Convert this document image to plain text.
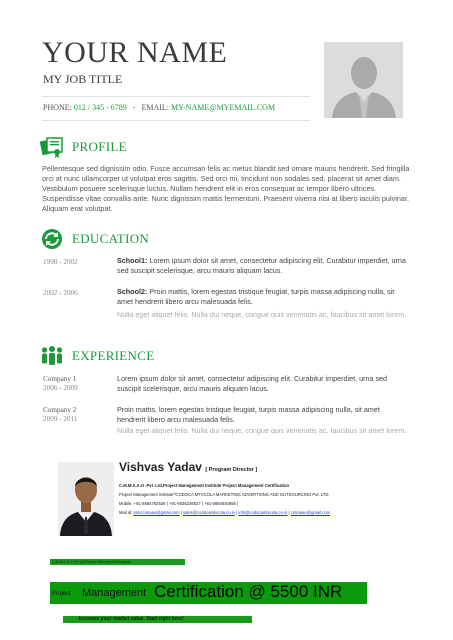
YOUR NAME
MY JOB TITLE
PHONE: 012 / 345 - 6789 - EMAIL: MY-NAME@MYEMAIL.COM
PROFILE
Pellentesque sed dignissim odio. Fusce accumsan felis ac metus blandit sed ornare mauris hendrerit. Sed fringilla orci at nunc ullamcorper ut volutpat eros sagittis. Sed orci mi, tincidunt non sodales sed, placerat sit amet diam. Vestibulum posuere scelerisque luctus. Nullam hendrerit elit in eros consequat ac tempor libero ultrices. Suspendisse vitae convallis ante. Nunc dignissim mattis fermentum. Praesent viverra nisi at libero iaculis pulvinar. Aliquam erat volutpat.
EDUCATION
1998 - 2002	School1: Lorem ipsum dolor sit amet, consectetur adipiscing elit. Curabitur imperdiet, urna sed suscipit scelerisque, arcu mauris aliquam lacus.
2002 - 2006	School2: Proin mattis, lorem egestas tristique feugiat, turpis massa adipiscing nulla, sit amet hendrerit libero arcu malesuada felis.
Nulla eget aliquet felis. Nulla dui neque, congue quis venenatis ac, faucibus sit amet lorem.
EXPERIENCE
Company 1
2006 - 2009
Lorem ipsum dolor sit amet, consectetur adipiscing elit. Curabitur imperdiet, urna sed suscipit scelerisque, arcu mauris aliquam lacus.
Company 2
2009 - 2011
Proin mattis, lorem egestas tristique feugiat, turpis massa adipiscing nulla, sit amet hendrerit libero arcu malesuada felis.
Nulla eget aliquet felis. Nulla dui neque, congue quis venenatis ac, faucibus sit amet lorem.
Vishvas Yadav [ Program Director ]
C.M.M.A.A.O .Pvt .Ltd.Project Management Institute Project Management Certification
Project Management Institute^CODOCA MTVCOLA MARKETING ADVERTSING AND OUTSOURCING Pvt. LTD.
Mobile: +91-8884782639 | +91-9036236527 | +91-8884640856 |
Mail id: pmicmmaao@gmail.com | sales@codocamtvcola.co.in | info@codocamtvcola.co.in | cmmaao@gmail.com
C.M.M.A.A.O Pvt Ltd Project Management Institute
Project Management Certification @ 5500 INR
Increase your market value. Start right here!
